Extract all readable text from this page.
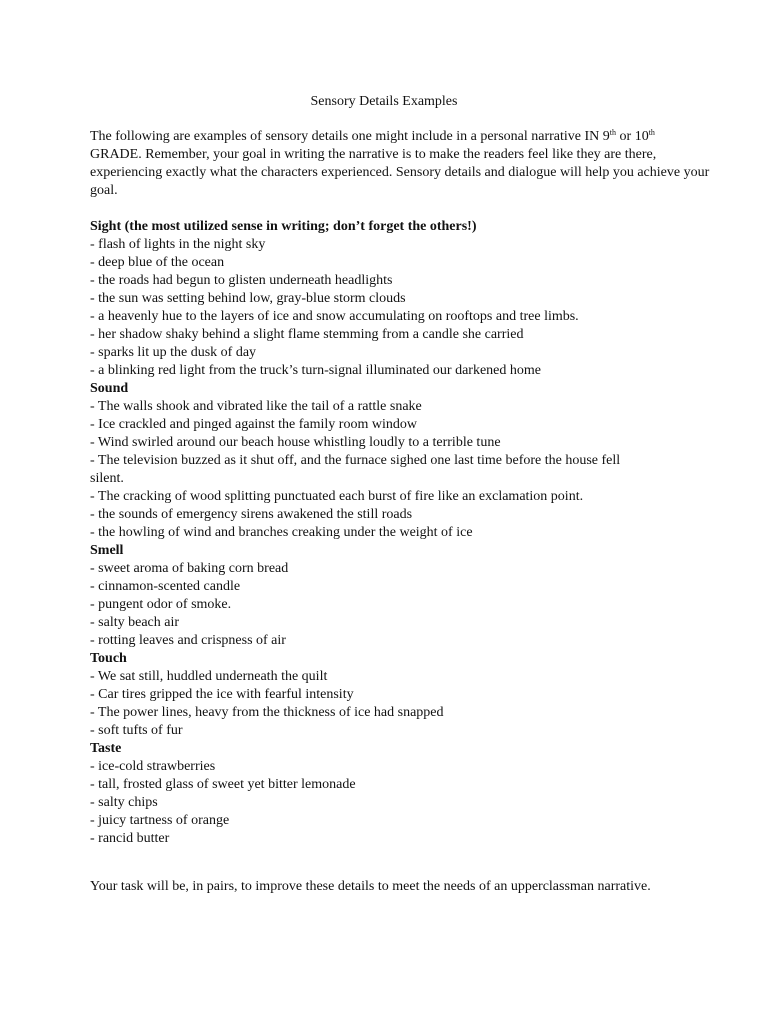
Sensory Details Examples

The following are examples of sensory details one might include in a personal narrative IN 9th or 10th GRADE. Remember, your goal in writing the narrative is to make the readers feel like they are there, experiencing exactly what the characters experienced. Sensory details and dialogue will help you achieve your goal.

Sight (the most utilized sense in writing; don’t forget the others!)
- flash of lights in the night sky
- deep blue of the ocean
- the roads had begun to glisten underneath headlights
- the sun was setting behind low, gray-blue storm clouds
- a heavenly hue to the layers of ice and snow accumulating on rooftops and tree limbs.
- her shadow shaky behind a slight flame stemming from a candle she carried
- sparks lit up the dusk of day
- a blinking red light from the truck’s turn-signal illuminated our darkened home
Sound
- The walls shook and vibrated like the tail of a rattle snake
- Ice crackled and pinged against the family room window
- Wind swirled around our beach house whistling loudly to a terrible tune
- The television buzzed as it shut off, and the furnace sighed one last time before the house fell silent.
- The cracking of wood splitting punctuated each burst of fire like an exclamation point.
- the sounds of emergency sirens awakened the still roads
- the howling of wind and branches creaking under the weight of ice
Smell
- sweet aroma of baking corn bread
- cinnamon-scented candle
- pungent odor of smoke.
- salty beach air
- rotting leaves and crispness of air
Touch
- We sat still, huddled underneath the quilt
- Car tires gripped the ice with fearful intensity
- The power lines, heavy from the thickness of ice had snapped
- soft tufts of fur
Taste
- ice-cold strawberries
- tall, frosted glass of sweet yet bitter lemonade
- salty chips
- juicy tartness of orange
- rancid butter

Your task will be, in pairs, to improve these details to meet the needs of an upperclassman narrative.
